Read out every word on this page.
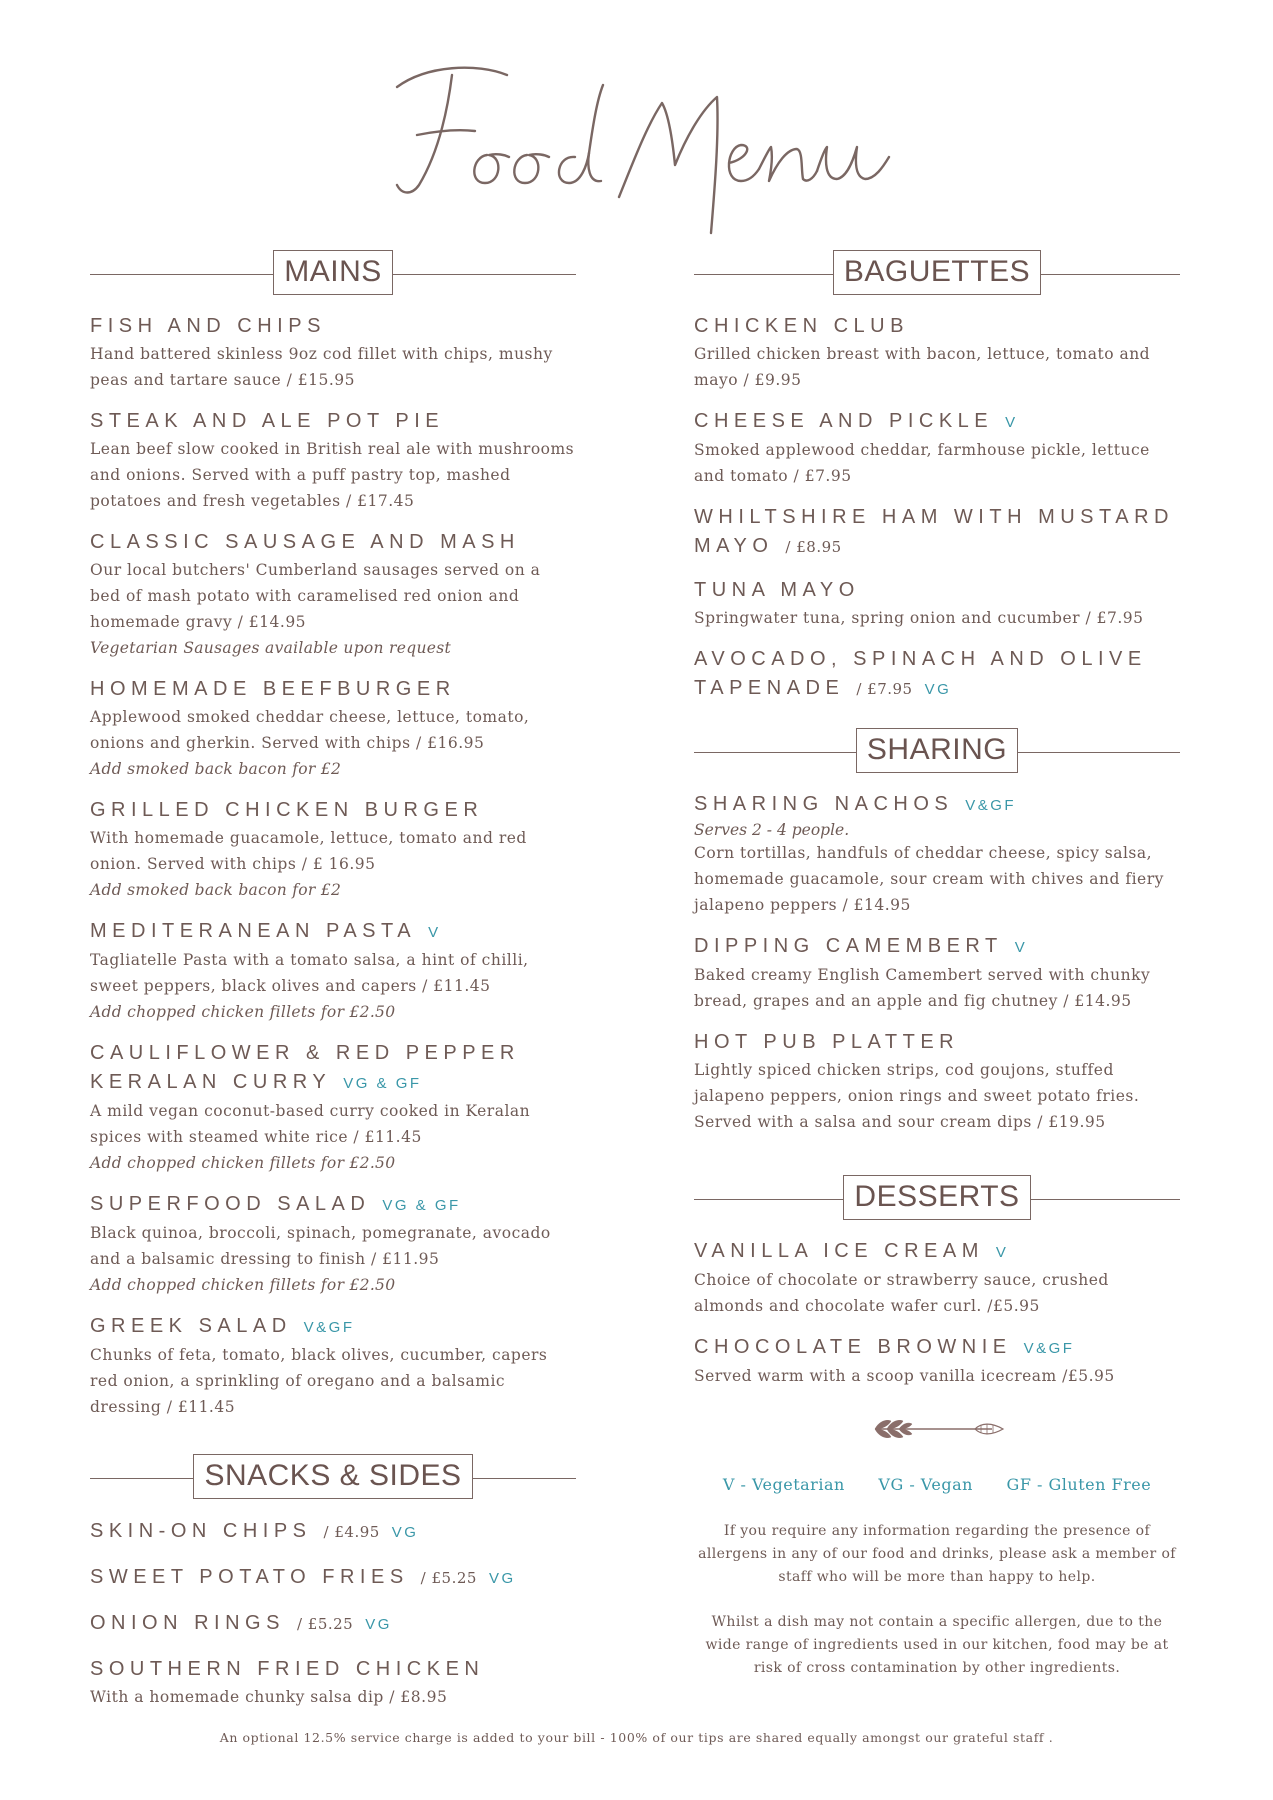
MAINS
FISH AND CHIPS
Hand battered skinless 9oz cod fillet with chips, mushy peas and tartare sauce / £15.95
STEAK AND ALE POT PIE
Lean beef slow cooked in British real ale with mushrooms and onions. Served with a puff pastry top, mashed potatoes and fresh vegetables / £17.45
CLASSIC SAUSAGE AND MASH
Our local butchers' Cumberland sausages served on a bed of mash potato with caramelised red onion and homemade gravy / £14.95
Vegetarian Sausages available upon request
HOMEMADE BEEFBURGER
Applewood smoked cheddar cheese, lettuce, tomato, onions and gherkin. Served with chips / £16.95
Add smoked back bacon for £2
GRILLED CHICKEN BURGER
With homemade guacamole, lettuce, tomato and red onion. Served with chips / £ 16.95
Add smoked back bacon for £2
MEDITERANEAN PASTA V
Tagliatelle Pasta with a tomato salsa, a hint of chilli, sweet peppers, black olives and capers / £11.45
Add chopped chicken fillets for £2.50
CAULIFLOWER & RED PEPPER KERALAN CURRY VG & GF
A mild vegan coconut-based curry cooked in Keralan spices with steamed white rice / £11.45
Add chopped chicken fillets for £2.50
SUPERFOOD SALAD VG & GF
Black quinoa, broccoli, spinach, pomegranate, avocado and a balsamic dressing to finish / £11.95
Add chopped chicken fillets for £2.50
GREEK SALAD V&GF
Chunks of feta, tomato, black olives, cucumber, capers red onion, a sprinkling of oregano and a balsamic dressing / £11.45
SNACKS & SIDES
SKIN-ON CHIPS / £4.95 VG
SWEET POTATO FRIES / £5.25 VG
ONION RINGS / £5.25 VG
SOUTHERN FRIED CHICKEN
With a homemade chunky salsa dip / £8.95
BAGUETTES
CHICKEN CLUB
Grilled chicken breast with bacon, lettuce, tomato and mayo / £9.95
CHEESE AND PICKLE V
Smoked applewood cheddar, farmhouse pickle, lettuce and tomato / £7.95
WHILTSHIRE HAM WITH MUSTARD MAYO / £8.95
TUNA MAYO
Springwater tuna, spring onion and cucumber / £7.95
AVOCADO, SPINACH AND OLIVE TAPENADE / £7.95 VG
SHARING
SHARING NACHOS V&GF
Serves 2 - 4 people.
Corn tortillas, handfuls of cheddar cheese, spicy salsa, homemade guacamole, sour cream with chives and fiery jalapeno peppers / £14.95
DIPPING CAMEMBERT V
Baked creamy English Camembert served with chunky bread, grapes and an apple and fig chutney / £14.95
HOT PUB PLATTER
Lightly spiced chicken strips, cod goujons, stuffed jalapeno peppers, onion rings and sweet potato fries. Served with a salsa and sour cream dips / £19.95
DESSERTS
VANILLA ICE CREAM V
Choice of chocolate or strawberry sauce, crushed almonds and chocolate wafer curl. /£5.95
CHOCOLATE BROWNIE V&GF
Served warm with a scoop vanilla icecream /£5.95
V - Vegetarian VG - Vegan GF - Gluten Free
If you require any information regarding the presence of allergens in any of our food and drinks, please ask a member of staff who will be more than happy to help.
Whilst a dish may not contain a specific allergen, due to the wide range of ingredients used in our kitchen, food may be at risk of cross contamination by other ingredients.
An optional 12.5% service charge is added to your bill - 100% of our tips are shared equally amongst our grateful staff .
